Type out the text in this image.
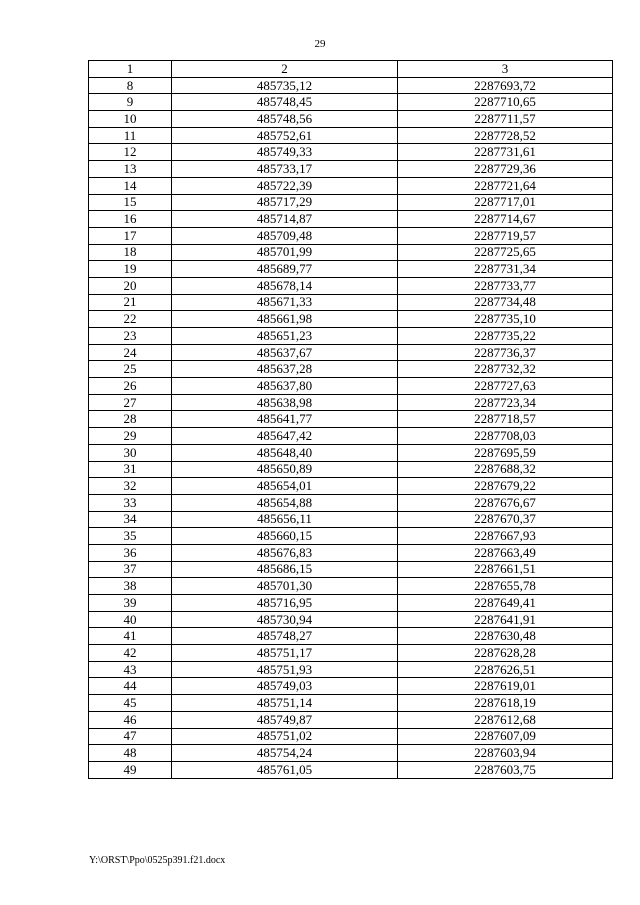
29
1	2	3
8	485735,12	2287693,72
9	485748,45	2287710,65
10	485748,56	2287711,57
11	485752,61	2287728,52
12	485749,33	2287731,61
13	485733,17	2287729,36
14	485722,39	2287721,64
15	485717,29	2287717,01
16	485714,87	2287714,67
17	485709,48	2287719,57
18	485701,99	2287725,65
19	485689,77	2287731,34
20	485678,14	2287733,77
21	485671,33	2287734,48
22	485661,98	2287735,10
23	485651,23	2287735,22
24	485637,67	2287736,37
25	485637,28	2287732,32
26	485637,80	2287727,63
27	485638,98	2287723,34
28	485641,77	2287718,57
29	485647,42	2287708,03
30	485648,40	2287695,59
31	485650,89	2287688,32
32	485654,01	2287679,22
33	485654,88	2287676,67
34	485656,11	2287670,37
35	485660,15	2287667,93
36	485676,83	2287663,49
37	485686,15	2287661,51
38	485701,30	2287655,78
39	485716,95	2287649,41
40	485730,94	2287641,91
41	485748,27	2287630,48
42	485751,17	2287628,28
43	485751,93	2287626,51
44	485749,03	2287619,01
45	485751,14	2287618,19
46	485749,87	2287612,68
47	485751,02	2287607,09
48	485754,24	2287603,94
49	485761,05	2287603,75
Y:\ORST\Ppo\0525p391.f21.docx
